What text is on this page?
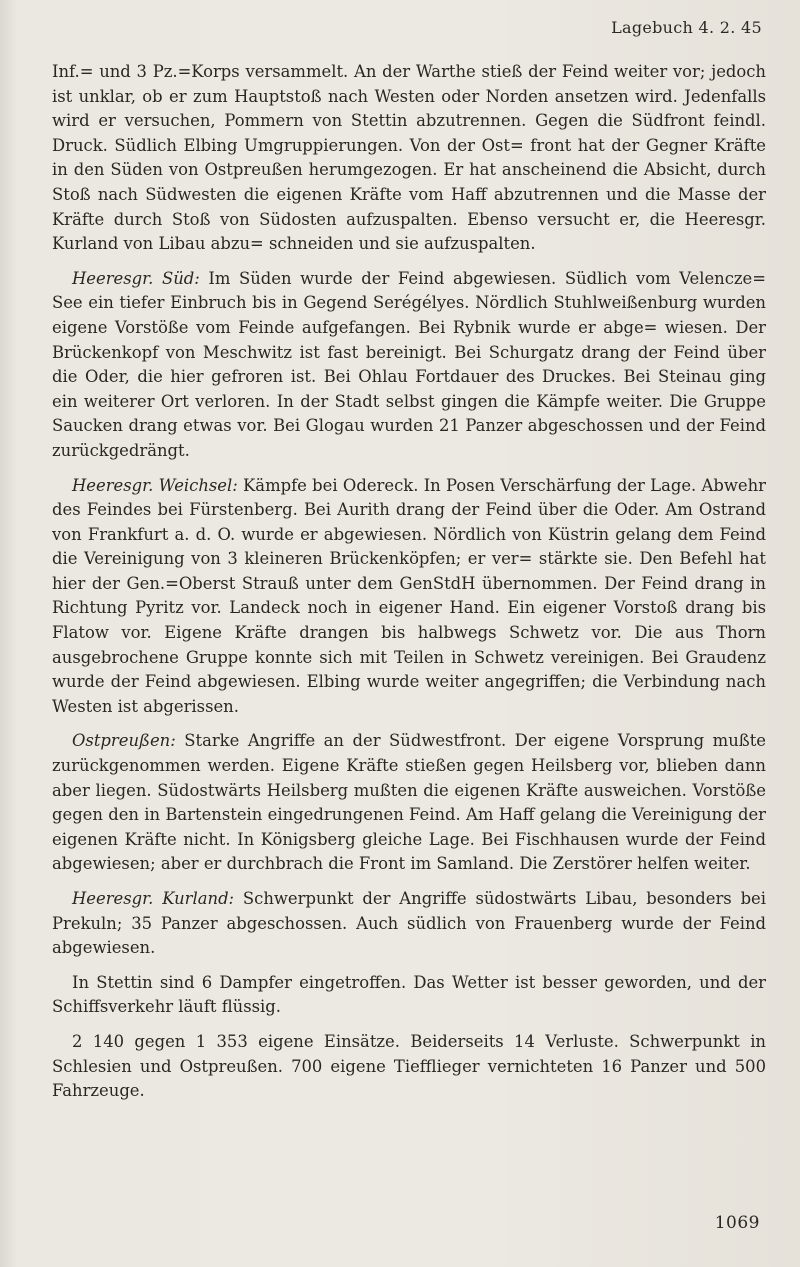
Lagebuch 4. 2. 45

Inf.= und 3 Pz.=Korps versammelt. An der Warthe stieß der Feind weiter vor; jedoch ist unklar, ob er zum Hauptstoß nach Westen oder Norden ansetzen wird. Jedenfalls wird er versuchen, Pommern von Stettin abzutrennen. Gegen die Südfront feindl. Druck. Südlich Elbing Umgruppierungen. Von der Ost= front hat der Gegner Kräfte in den Süden von Ostpreußen herumgezogen. Er hat anscheinend die Absicht, durch Stoß nach Südwesten die eigenen Kräfte vom Haff abzutrennen und die Masse der Kräfte durch Stoß von Südosten aufzuspalten. Ebenso versucht er, die Heeresgr. Kurland von Libau abzu= schneiden und sie aufzuspalten.

Heeresgr. Süd: Im Süden wurde der Feind abgewiesen. Südlich vom Velencze= See ein tiefer Einbruch bis in Gegend Serégélyes. Nördlich Stuhlweißenburg wurden eigene Vorstöße vom Feinde aufgefangen. Bei Rybnik wurde er abge= wiesen. Der Brückenkopf von Meschwitz ist fast bereinigt. Bei Schurgatz drang der Feind über die Oder, die hier gefroren ist. Bei Ohlau Fortdauer des Druckes. Bei Steinau ging ein weiterer Ort verloren. In der Stadt selbst gingen die Kämpfe weiter. Die Gruppe Saucken drang etwas vor. Bei Glogau wurden 21 Panzer abgeschossen und der Feind zurückgedrängt.

Heeresgr. Weichsel: Kämpfe bei Odereck. In Posen Verschärfung der Lage. Abwehr des Feindes bei Fürstenberg. Bei Aurith drang der Feind über die Oder. Am Ostrand von Frankfurt a. d. O. wurde er abgewiesen. Nördlich von Küstrin gelang dem Feind die Vereinigung von 3 kleineren Brückenköpfen; er ver= stärkte sie. Den Befehl hat hier der Gen.=Oberst Strauß unter dem GenStdH übernommen. Der Feind drang in Richtung Pyritz vor. Landeck noch in eigener Hand. Ein eigener Vorstoß drang bis Flatow vor. Eigene Kräfte drangen bis halbwegs Schwetz vor. Die aus Thorn ausgebrochene Gruppe konnte sich mit Teilen in Schwetz vereinigen. Bei Graudenz wurde der Feind abgewiesen. Elbing wurde weiter angegriffen; die Verbindung nach Westen ist abgerissen.

Ostpreußen: Starke Angriffe an der Südwestfront. Der eigene Vorsprung mußte zurückgenommen werden. Eigene Kräfte stießen gegen Heilsberg vor, blieben dann aber liegen. Südostwärts Heilsberg mußten die eigenen Kräfte ausweichen. Vorstöße gegen den in Bartenstein eingedrungenen Feind. Am Haff gelang die Vereinigung der eigenen Kräfte nicht. In Königsberg gleiche Lage. Bei Fischhausen wurde der Feind abgewiesen; aber er durchbrach die Front im Samland. Die Zerstörer helfen weiter.

Heeresgr. Kurland: Schwerpunkt der Angriffe südostwärts Libau, besonders bei Prekuln; 35 Panzer abgeschossen. Auch südlich von Frauenberg wurde der Feind abgewiesen.

In Stettin sind 6 Dampfer eingetroffen. Das Wetter ist besser geworden, und der Schiffsverkehr läuft flüssig.

2 140 gegen 1 353 eigene Einsätze. Beiderseits 14 Verluste. Schwerpunkt in Schlesien und Ostpreußen. 700 eigene Tiefflieger vernichteten 16 Panzer und 500 Fahrzeuge.

1069
